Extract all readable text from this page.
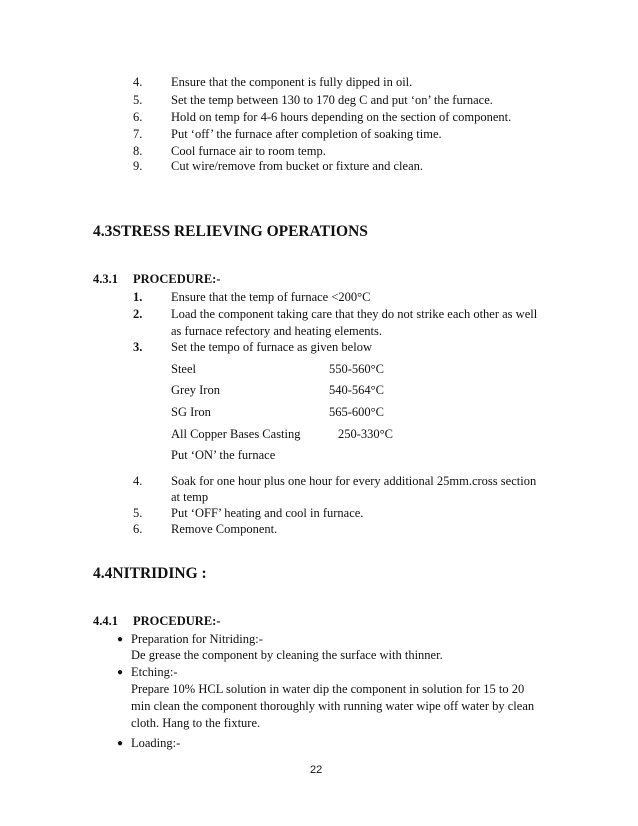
4. Ensure that the component is fully dipped in oil.
5. Set the temp between 130 to 170 deg C and put ‘on’ the furnace.
6. Hold on temp for 4-6 hours depending on the section of component.
7. Put ‘off’ the furnace after completion of soaking time.
8. Cool furnace air to room temp.
9. Cut wire/remove from bucket or fixture and clean.
4.3STRESS RELIEVING OPERATIONS
4.3.1 PROCEDURE:-
1. Ensure that the temp of furnace <200°C
2. Load the component taking care that they do not strike each other as well
as furnace refectory and heating elements.
3. Set the tempo of furnace as given below
Steel	550-560°C
Grey Iron	540-564°C
SG Iron	565-600°C
All Copper Bases Casting	250-330°C
Put ‘ON’ the furnace
4. Soak for one hour plus one hour for every additional 25mm.cross section
at temp
5. Put ‘OFF’ heating and cool in furnace.
6. Remove Component.
4.4NITRIDING :
4.4.1 PROCEDURE:-
● Preparation for Nitriding:-
De grease the component by cleaning the surface with thinner.
● Etching:-
Prepare 10% HCL solution in water dip the component in solution for 15 to 20
min clean the component thoroughly with running water wipe off water by clean
cloth. Hang to the fixture.
● Loading:-
22
